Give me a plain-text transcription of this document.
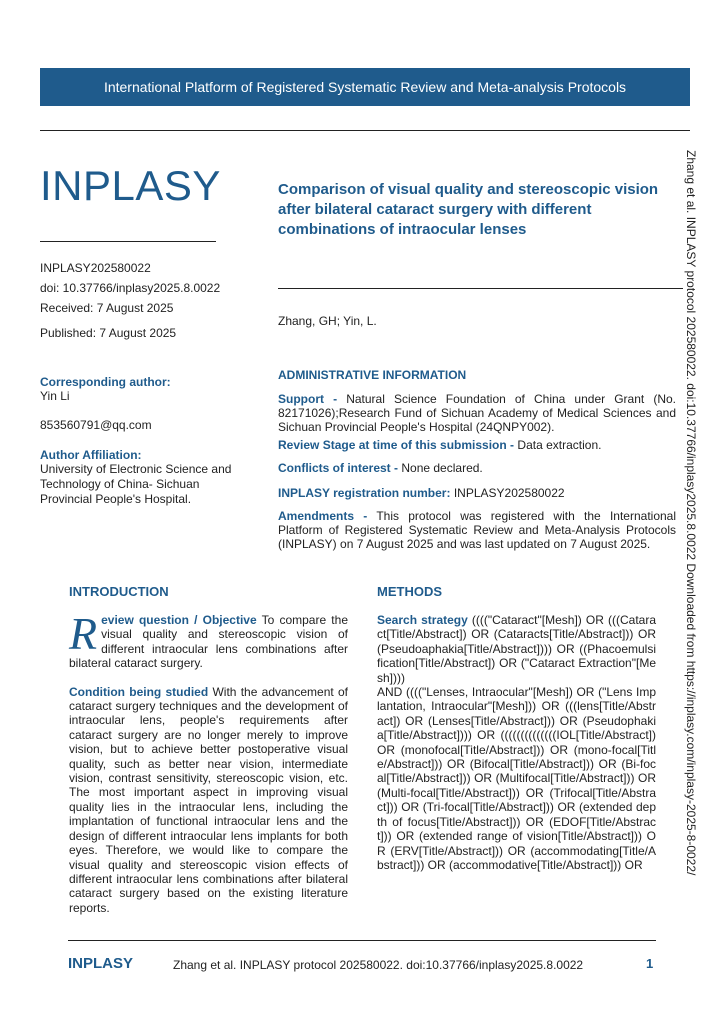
International Platform of Registered Systematic Review and Meta-analysis Protocols
INPLASY	Comparison of visual quality and stereoscopic vision after bilateral cataract surgery with different combinations of intraocular lenses
INPLASY202580022
doi: 10.37766/inplasy2025.8.0022
Received: 7 August 2025
Published: 7 August 2025
Zhang, GH; Yin, L.
Corresponding author:
Yin Li
853560791@qq.com
Author Affiliation:
University of Electronic Science and Technology of China- Sichuan Provincial People's Hospital.
ADMINISTRATIVE INFORMATION
Support - Natural Science Foundation of China under Grant (No. 82171026);Research Fund of Sichuan Academy of Medical Sciences and Sichuan Provincial People's Hospital (24QNPY002).
Review Stage at time of this submission - Data extraction.
Conflicts of interest - None declared.
INPLASY registration number: INPLASY202580022
Amendments - This protocol was registered with the International Platform of Registered Systematic Review and Meta-Analysis Protocols (INPLASY) on 7 August 2025 and was last updated on 7 August 2025.
INTRODUCTION

R eview question / Objective To compare the visual quality and stereoscopic vision of different intraocular lens combinations after bilateral cataract surgery.

Condition being studied With the advancement of cataract surgery techniques and the development of intraocular lens, people's requirements after cataract surgery are no longer merely to improve vision, but to achieve better postoperative visual quality, such as better near vision, intermediate vision, contrast sensitivity, stereoscopic vision, etc. The most important aspect in improving visual quality lies in the intraocular lens, including the implantation of functional intraocular lens and the design of different intraocular lens implants for both eyes. Therefore, we would like to compare the visual quality and stereoscopic vision effects of different intraocular lens combinations after bilateral cataract surgery based on the existing literature reports.

METHODS

Search strategy (((("Cataract"[Mesh]) OR (((Cataract[Title/Abstract]) OR (Cataracts[Title/Abstract])) OR (Pseudoaphakia[Title/Abstract]))) OR ((Phacoemulsification[Title/Abstract]) OR ("Cataract Extraction"[Mesh])))

AND (((("Lenses, Intraocular"[Mesh]) OR ("Lens Implantation, Intraocular"[Mesh])) OR (((lens[Title/Abstract]) OR (Lenses[Title/Abstract])) OR (Pseudophakia[Title/Abstract]))) OR ((((((((((((((IOL[Title/Abstract]) OR (monofocal[Title/Abstract])) OR (mono-focal[Title/Abstract])) OR (Bifocal[Title/Abstract])) OR (Bi-focal[Title/Abstract])) OR (Multifocal[Title/Abstract])) OR (Multi-focal[Title/Abstract])) OR (Trifocal[Title/Abstract])) OR (Tri-focal[Title/Abstract])) OR (extended depth of focus[Title/Abstract])) OR (EDOF[Title/Abstract])) OR (extended range of vision[Title/Abstract])) OR (ERV[Title/Abstract])) OR (accommodating[Title/Abstract])) OR (accommodative[Title/Abstract])) OR	Zhang et al. INPLASY protocol 202580022. doi:10.37766/inplasy2025.8.0022 Downloaded from https://inplasy.com/inplasy-2025-8-0022/
INPLASY	Zhang et al. INPLASY protocol 202580022. doi:10.37766/inplasy2025.8.0022	1
